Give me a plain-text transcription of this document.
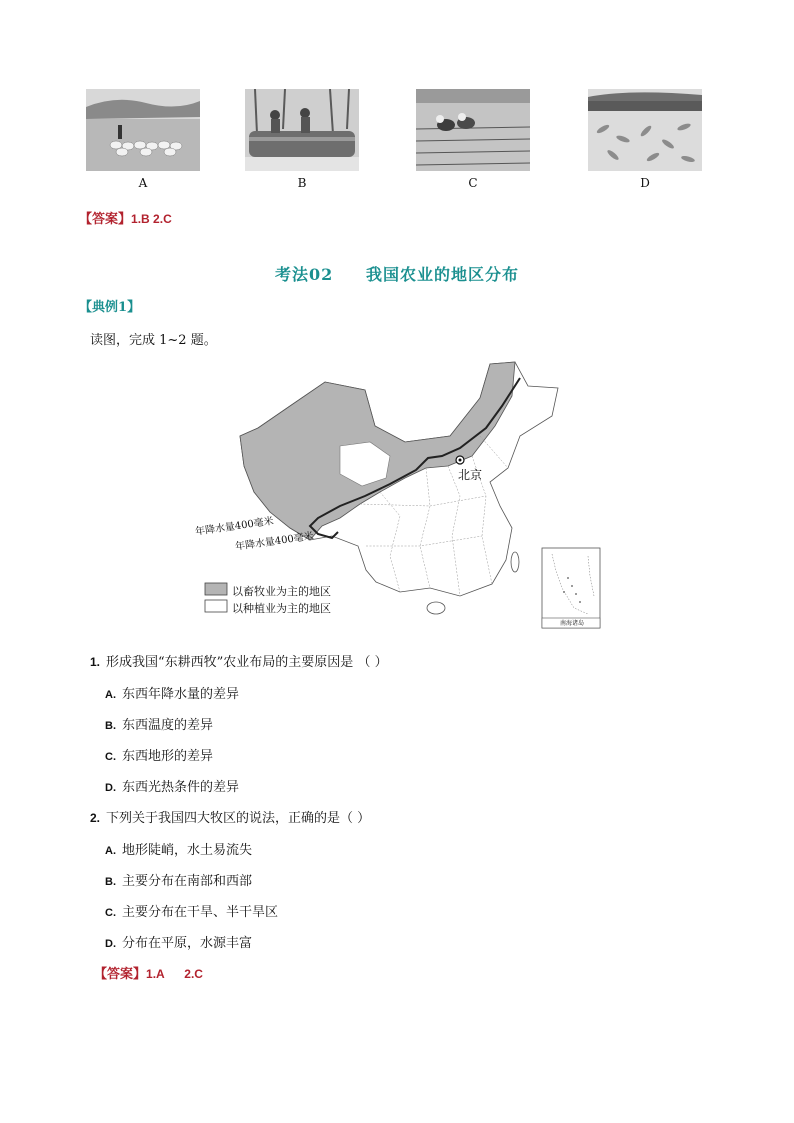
A	B	C	D
【答案】1.B 2.C
考法02     我国农业的地区分布
【典例1】
读图，完成 1~2 题。
北京
年降水量400毫米
年降水量400毫米
以畜牧业为主的地区
以种植业为主的地区
南海诸岛
1. 形成我国“东耕西牧”农业布局的主要原因是 （ ）
A. 东西年降水量的差异
B. 东西温度的差异
C. 东西地形的差异
D. 东西光热条件的差异
2. 下列关于我国四大牧区的说法，正确的是（ ）
A. 地形陡峭，水土易流失
B. 主要分布在南部和西部
C. 主要分布在干旱、半干旱区
D. 分布在平原，水源丰富
【答案】1.A      2.C
